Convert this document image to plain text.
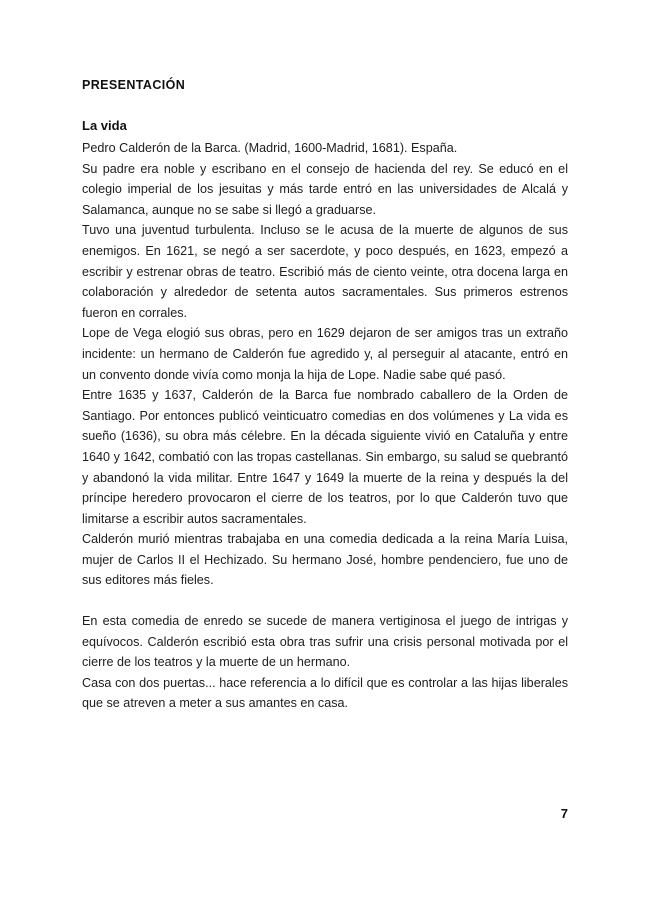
PRESENTACIÓN
La vida

Pedro Calderón de la Barca. (Madrid, 1600-Madrid, 1681). España.

Su padre era noble y escribano en el consejo de hacienda del rey. Se educó en el colegio imperial de los jesuitas y más tarde entró en las universidades de Alcalá y Salamanca, aunque no se sabe si llegó a graduarse.

Tuvo una juventud turbulenta. Incluso se le acusa de la muerte de algunos de sus enemigos. En 1621, se negó a ser sacerdote, y poco después, en 1623, empezó a escribir y estrenar obras de teatro. Escribió más de ciento veinte, otra docena larga en colaboración y alrededor de setenta autos sacramentales. Sus primeros estrenos fueron en corrales.

Lope de Vega elogió sus obras, pero en 1629 dejaron de ser amigos tras un extraño incidente: un hermano de Calderón fue agredido y, al perseguir al atacante, entró en un convento donde vivía como monja la hija de Lope. Nadie sabe qué pasó.

Entre 1635 y 1637, Calderón de la Barca fue nombrado caballero de la Orden de Santiago. Por entonces publicó veinticuatro comedias en dos volúmenes y La vida es sueño (1636), su obra más célebre. En la década siguiente vivió en Cataluña y entre 1640 y 1642, combatió con las tropas castellanas. Sin embargo, su salud se quebrantó y abandonó la vida militar. Entre 1647 y 1649 la muerte de la reina y después la del príncipe heredero provocaron el cierre de los teatros, por lo que Calderón tuvo que limitarse a escribir autos sacramentales.

Calderón murió mientras trabajaba en una comedia dedicada a la reina María Luisa, mujer de Carlos II el Hechizado. Su hermano José, hombre pendenciero, fue uno de sus editores más fieles.

En esta comedia de enredo se sucede de manera vertiginosa el juego de intrigas y equívocos. Calderón escribió esta obra tras sufrir una crisis personal motivada por el cierre de los teatros y la muerte de un hermano.

Casa con dos puertas... hace referencia a lo difícil que es controlar a las hijas liberales que se atreven a meter a sus amantes en casa.

7
